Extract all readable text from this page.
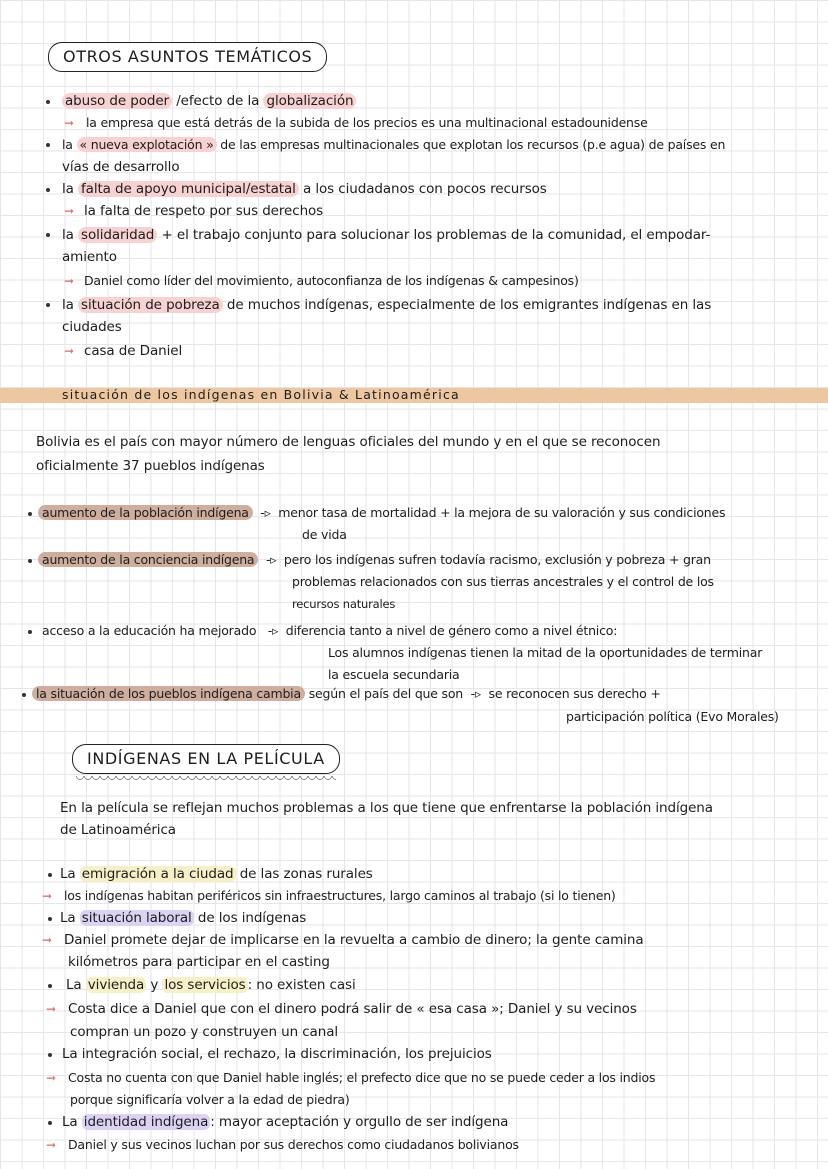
OTROS ASUNTOS TEMÁTICOS
abuso de poder /efecto de la globalización
➞ la empresa que está detrás de la subida de los precios es una multinacional estadounidense
la « nueva explotación » de las empresas multinacionales que explotan los recursos (p.e agua) de países en
vías de desarrollo
la falta de apoyo municipal/estatal a los ciudadanos con pocos recursos
➞ la falta de respeto por sus derechos
la solidaridad + el trabajo conjunto para solucionar los problemas de la comunidad, el empodar-
amiento
➞ Daniel como líder del movimiento, autoconfianza de los indígenas & campesinos)
la situación de pobreza de muchos indígenas, especialmente de los emigrantes indígenas en las
ciudades
➞ casa de Daniel
situación de los indígenas en Bolivia & Latinoamérica
Bolivia es el país con mayor número de lenguas oficiales del mundo y en el que se reconocen
oficialmente 37 pueblos indígenas
aumento de la población indígena  -▹  menor tasa de mortalidad + la mejora de su valoración y sus condiciones
de vida
aumento de la conciencia indígena  -▹  pero los indígenas sufren todavía racismo, exclusión y pobreza + gran
problemas relacionados con sus tierras ancestrales y el control de los
recursos naturales
acceso a la educación ha mejorado  -▹  diferencia tanto a nivel de género como a nivel étnico:
Los alumnos indígenas tienen la mitad de la oportunidades de terminar
la escuela secundaria
la situación de los pueblos indígena cambia según el país del que son  -▹  se reconocen sus derecho +
participación política (Evo Morales)
INDÍGENAS EN LA PELÍCULA
En la película se reflejan muchos problemas a los que tiene que enfrentarse la población indígena
de Latinoamérica
La emigración a la ciudad de las zonas rurales
➞ los indígenas habitan periféricos sin infraestructures, largo caminos al trabajo (si lo tienen)
La situación laboral de los indígenas
➞ Daniel promete dejar de implicarse en la revuelta a cambio de dinero; la gente camina
kilómetros para participar en el casting
La vivienda y los servicios : no existen casi
➞ Costa dice a Daniel que con el dinero podrá salir de « esa casa »; Daniel y su vecinos
compran un pozo y construyen un canal
La integración social, el rechazo, la discriminación, los prejuicios
➞ Costa no cuenta con que Daniel hable inglés; el prefecto dice que no se puede ceder a los indios
porque significaría volver a la edad de piedra)
La identidad indígena : mayor aceptación y orgullo de ser indígena
➞ Daniel y sus vecinos luchan por sus derechos como ciudadanos bolivianos
